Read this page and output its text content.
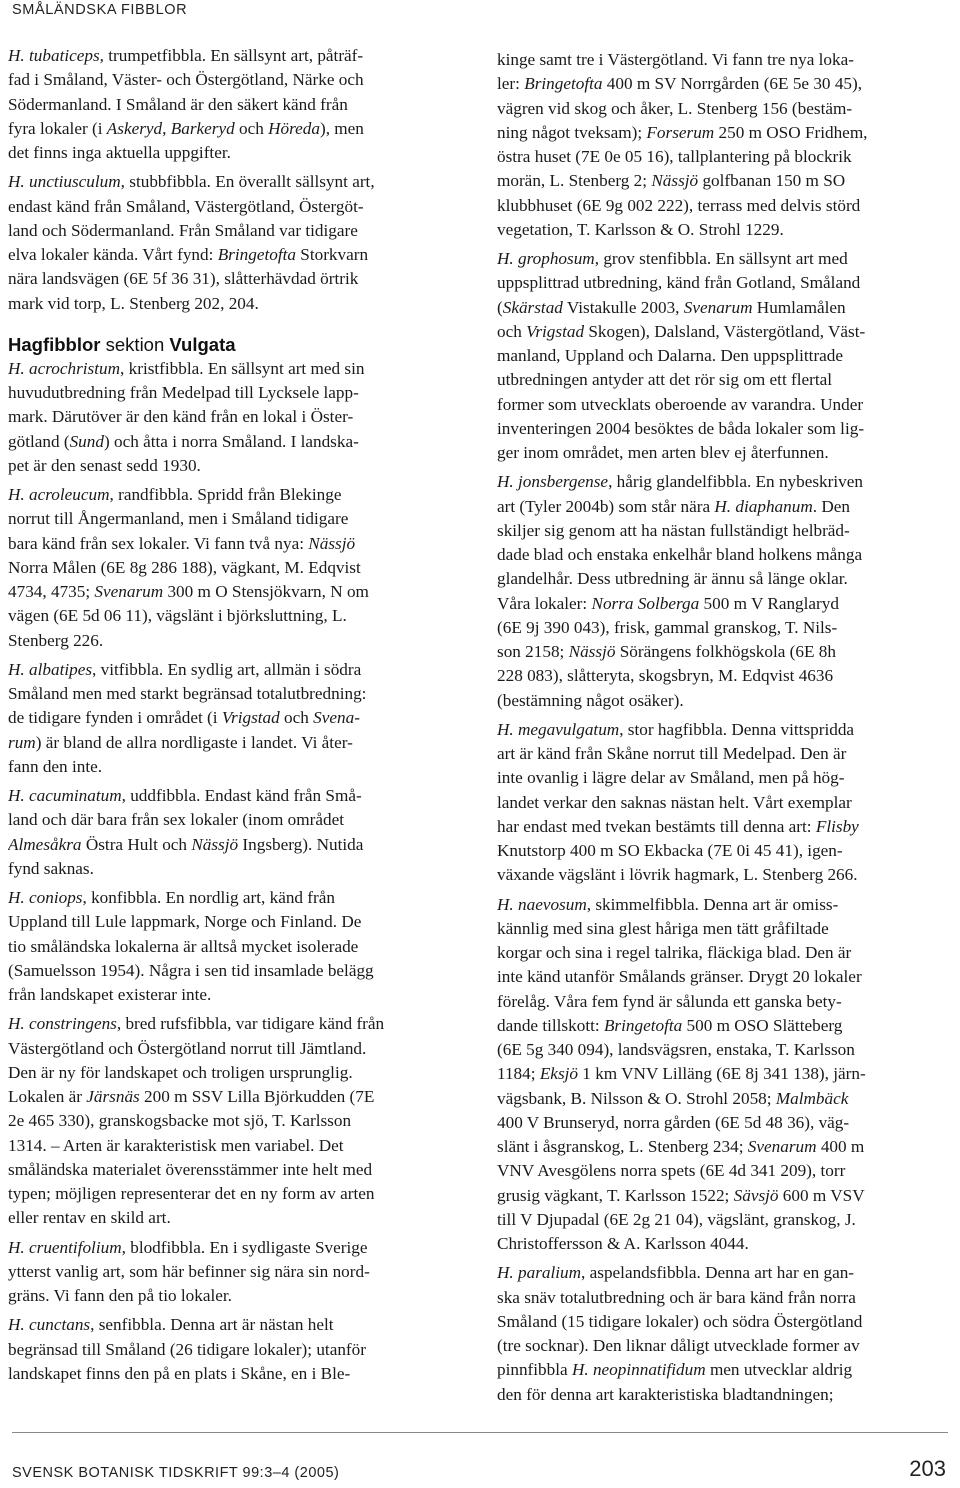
SMÅLÄNDSKA FIBBLOR
H. tubaticeps, trumpetfibbla. En sällsynt art, påträf-
fad i Småland, Väster- och Östergötland, Närke och
Södermanland. I Småland är den säkert känd från
fyra lokaler (i Askeryd, Barkeryd och Höreda), men
det finns inga aktuella uppgifter.
H. unctiusculum, stubbfibbla. En överallt sällsynt art,
endast känd från Småland, Västergötland, Östergöt-
land och Södermanland. Från Småland var tidigare
elva lokaler kända. Vårt fynd: Bringetofta Storkvarn
nära landsvägen (6E 5f 36 31), slåtterhävdad örtrik
mark vid torp, L. Stenberg 202, 204.
Hagfibblor sektion Vulgata
H. acrochristum, kristfibbla. En sällsynt art med sin
huvudutbredning från Medelpad till Lycksele lapp-
mark. Därutöver är den känd från en lokal i Öster-
götland (Sund) och åtta i norra Småland. I landska-
pet är den senast sedd 1930.
H. acroleucum, randfibbla. Spridd från Blekinge
norrut till Ångermanland, men i Småland tidigare
bara känd från sex lokaler. Vi fann två nya: Nässjö
Norra Målen (6E 8g 286 188), vägkant, M. Edqvist
4734, 4735; Svenarum 300 m O Stensjökvarn, N om
vägen (6E 5d 06 11), vägslänt i björksluttning, L.
Stenberg 226.
H. albatipes, vitfibbla. En sydlig art, allmän i södra
Småland men med starkt begränsad totalutbredning:
de tidigare fynden i området (i Vrigstad och Svena-
rum) är bland de allra nordligaste i landet. Vi åter-
fann den inte.
H. cacuminatum, uddfibbla. Endast känd från Små-
land och där bara från sex lokaler (inom området
Almesåkra Östra Hult och Nässjö Ingsberg). Nutida
fynd saknas.
H. coniops, konfibbla. En nordlig art, känd från
Uppland till Lule lappmark, Norge och Finland. De
tio småländska lokalerna är alltså mycket isolerade
(Samuelsson 1954). Några i sen tid insamlade belägg
från landskapet existerar inte.
H. constringens, bred rufsfibbla, var tidigare känd från
Västergötland och Östergötland norrut till Jämtland.
Den är ny för landskapet och troligen ursprunglig.
Lokalen är Järsnäs 200 m SSV Lilla Björkudden (7E
2e 465 330), granskogsbacke mot sjö, T. Karlsson
1314. – Arten är karakteristisk men variabel. Det
småländska materialet överensstämmer inte helt med
typen; möjligen representerar det en ny form av arten
eller rentav en skild art.
H. cruentifolium, blodfibbla. En i sydligaste Sverige
ytterst vanlig art, som här befinner sig nära sin nord-
gräns. Vi fann den på tio lokaler.
H. cunctans, senfibbla. Denna art är nästan helt
begränsad till Småland (26 tidigare lokaler); utanför
landskapet finns den på en plats i Skåne, en i Ble-
kinge samt tre i Västergötland. Vi fann tre nya loka-
ler: Bringetofta 400 m SV Norrgården (6E 5e 30 45),
vägren vid skog och åker, L. Stenberg 156 (bestäm-
ning något tveksam); Forserum 250 m OSO Fridhem,
östra huset (7E 0e 05 16), tallplantering på blockrik
morän, L. Stenberg 2; Nässjö golfbanan 150 m SO
klubbhuset (6E 9g 002 222), terrass med delvis störd
vegetation, T. Karlsson & O. Strohl 1229.
H. grophosum, grov stenfibbla. En sällsynt art med
uppsplittrad utbredning, känd från Gotland, Småland
(Skärstad Vistakulle 2003, Svenarum Humlamålen
och Vrigstad Skogen), Dalsland, Västergötland, Väst-
manland, Uppland och Dalarna. Den uppsplittrade
utbredningen antyder att det rör sig om ett flertal
former som utvecklats oberoende av varandra. Under
inventeringen 2004 besöktes de båda lokaler som lig-
ger inom området, men arten blev ej återfunnen.
H. jonsbergense, hårig glandelfibbla. En nybeskriven
art (Tyler 2004b) som står nära H. diaphanum. Den
skiljer sig genom att ha nästan fullständigt helbräd-
dade blad och enstaka enkelhår bland holkens många
glandelhår. Dess utbredning är ännu så länge oklar.
Våra lokaler: Norra Solberga 500 m V Ranglaryd
(6E 9j 390 043), frisk, gammal granskog, T. Nils-
son 2158; Nässjö Sörängens folkhögskola (6E 8h
228 083), slåtteryta, skogsbryn, M. Edqvist 4636
(bestämning något osäker).
H. megavulgatum, stor hagfibbla. Denna vittspridda
art är känd från Skåne norrut till Medelpad. Den är
inte ovanlig i lägre delar av Småland, men på hög-
landet verkar den saknas nästan helt. Vårt exemplar
har endast med tvekan bestämts till denna art: Flisby
Knutstorp 400 m SO Ekbacka (7E 0i 45 41), igen-
växande vägslänt i lövrik hagmark, L. Stenberg 266.
H. naevosum, skimmelfibbla. Denna art är omiss-
kännlig med sina glest håriga men tätt gråfiltade
korgar och sina i regel talrika, fläckiga blad. Den är
inte känd utanför Smålands gränser. Drygt 20 lokaler
förelåg. Våra fem fynd är sålunda ett ganska bety-
dande tillskott: Bringetofta 500 m OSO Slätteberg
(6E 5g 340 094), landsvägsren, enstaka, T. Karlsson
1184; Eksjö 1 km VNV Lilläng (6E 8j 341 138), järn-
vägsbank, B. Nilsson & O. Strohl 2058; Malmbäck
400 V Brunseryd, norra gården (6E 5d 48 36), väg-
slänt i åsgranskog, L. Stenberg 234; Svenarum 400 m
VNV Avesgölens norra spets (6E 4d 341 209), torr
grusig vägkant, T. Karlsson 1522; Sävsjö 600 m VSV
till V Djupadal (6E 2g 21 04), vägslänt, granskog, J.
Christoffersson & A. Karlsson 4044.
H. paralium, aspelandsfibbla. Denna art har en gan-
ska snäv totalutbredning och är bara känd från norra
Småland (15 tidigare lokaler) och södra Östergötland
(tre socknar). Den liknar dåligt utvecklade former av
pinnfibbla H. neopinnatifidum men utvecklar aldrig
den för denna art karakteristiska bladtandningen;
SVENSK BOTANISK TIDSKRIFT 99:3–4 (2005)	203
